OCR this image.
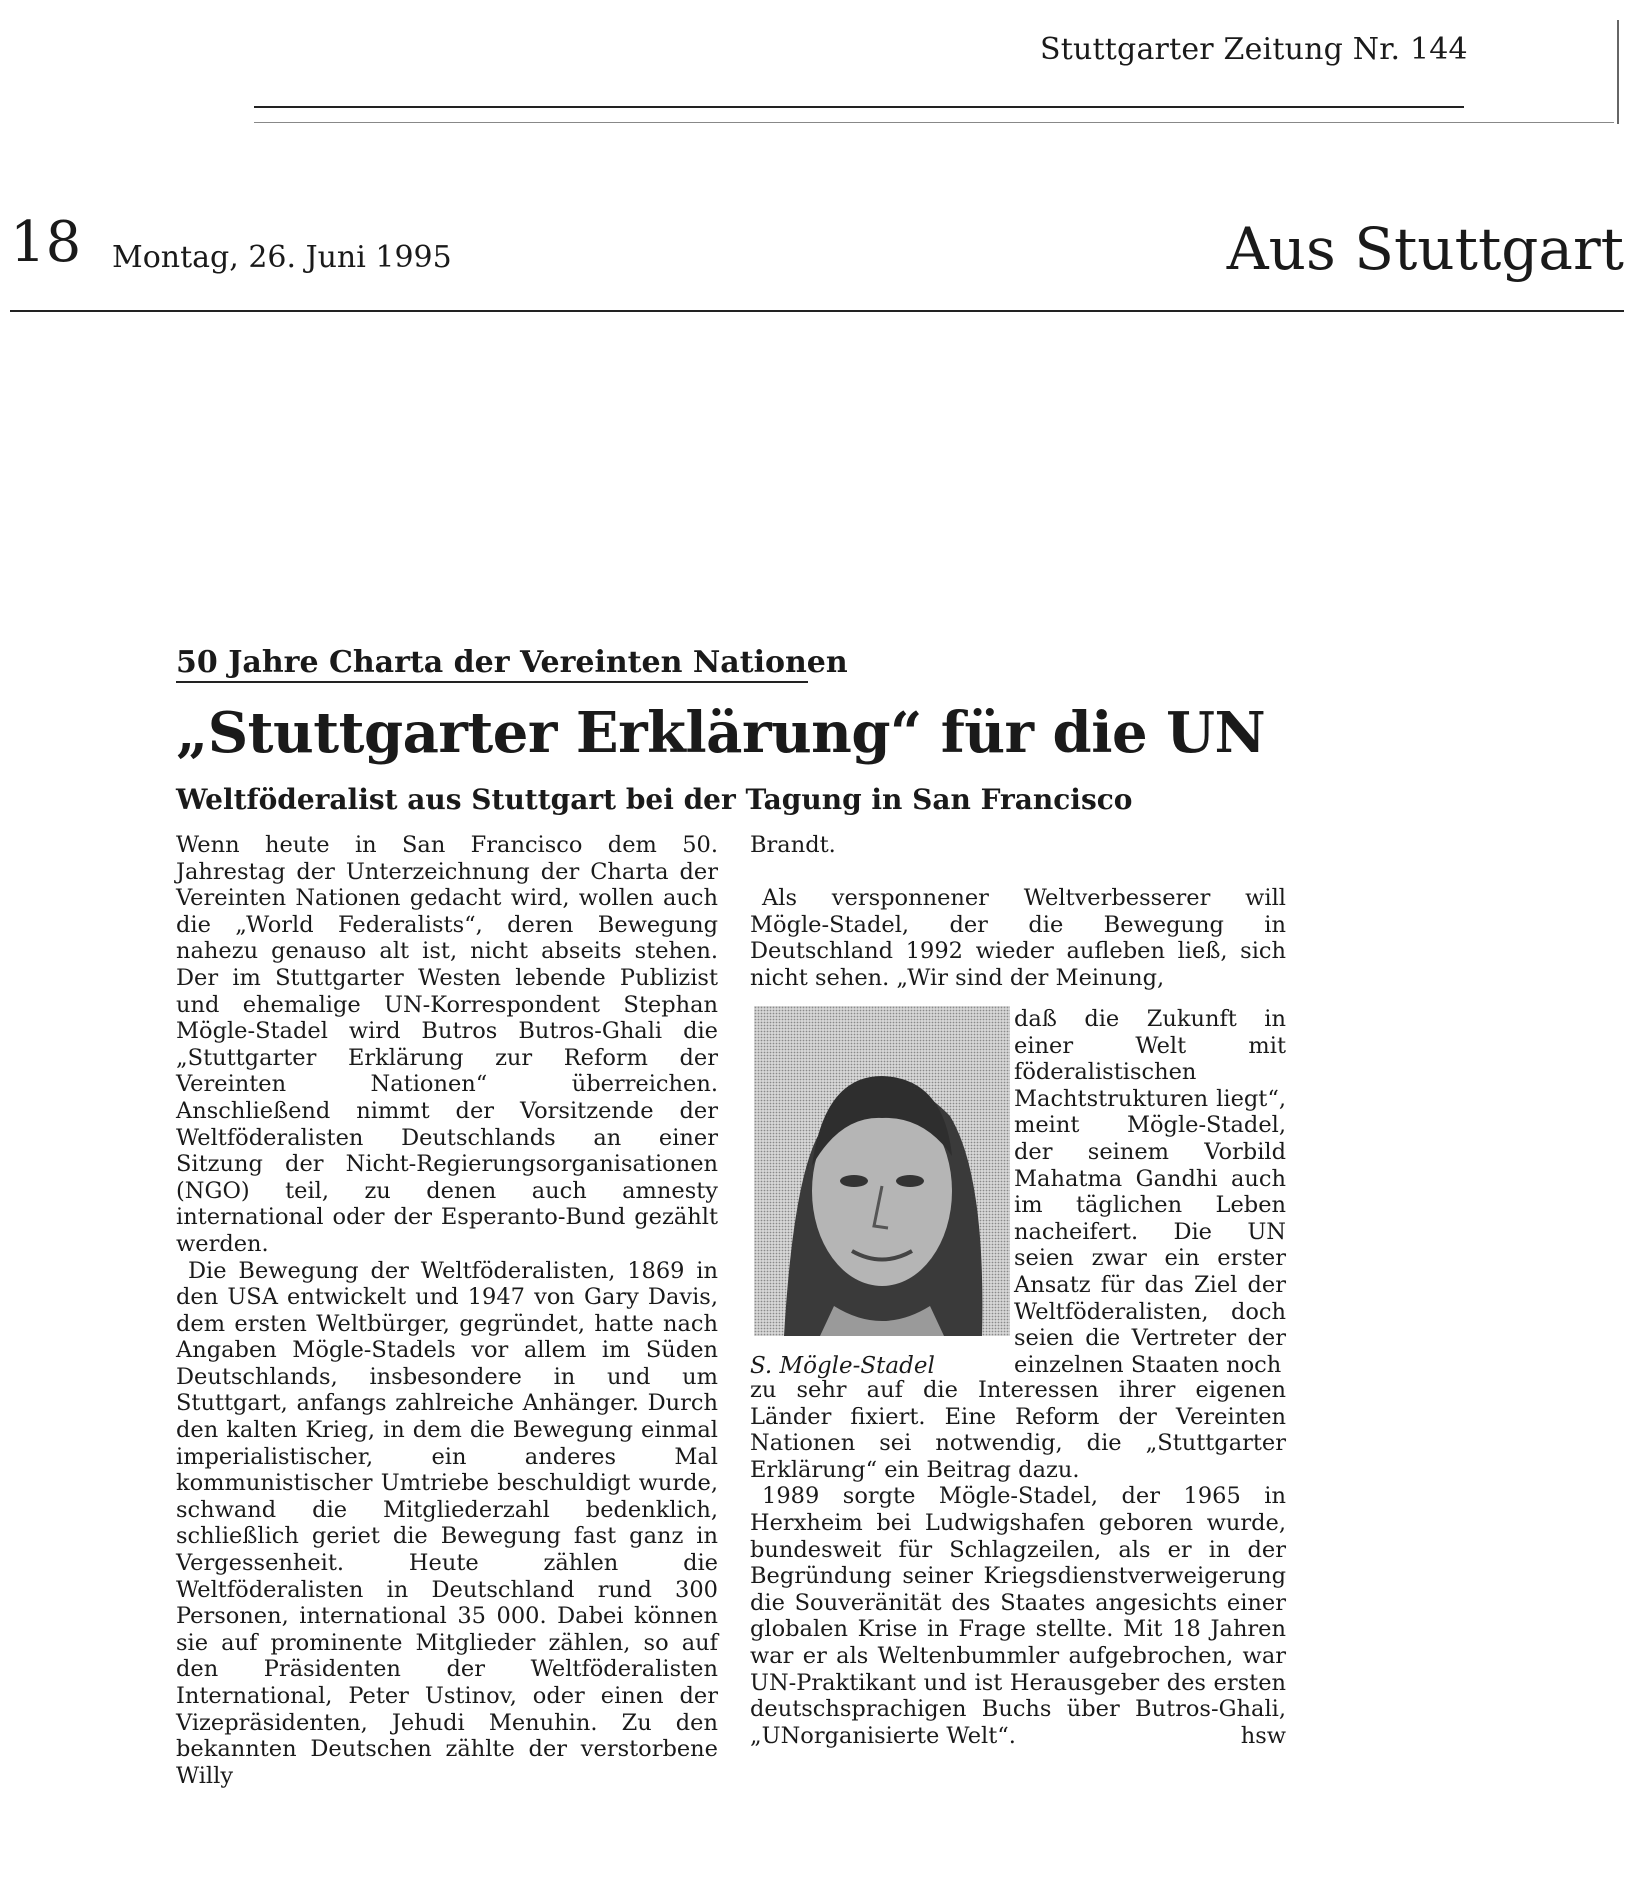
Stuttgarter Zeitung Nr. 144
18 Montag, 26. Juni 1995	Aus Stuttgart
50 Jahre Charta der Vereinten Nationen
„Stuttgarter Erklärung“ für die UN
Weltföderalist aus Stuttgart bei der Tagung in San Francisco

Wenn heute in San Francisco dem 50. Jahrestag der Unterzeichnung der Charta der Vereinten Nationen gedacht wird, wollen auch die „World Federalists“, deren Bewegung nahezu genauso alt ist, nicht abseits stehen. Der im Stuttgarter Westen lebende Publizist und ehemalige UN-Korrespondent Stephan Mögle-Stadel wird Butros Butros-Ghali die „Stuttgarter Erklärung zur Reform der Vereinten Nationen“ überreichen. Anschließend nimmt der Vorsitzende der Weltföderalisten Deutschlands an einer Sitzung der Nicht-Regierungsorganisationen (NGO) teil, zu denen auch amnesty international oder der Esperanto-Bund gezählt werden.

Die Bewegung der Weltföderalisten, 1869 in den USA entwickelt und 1947 von Gary Davis, dem ersten Weltbürger, gegründet, hatte nach Angaben Mögle-Stadels vor allem im Süden Deutschlands, insbesondere in und um Stuttgart, anfangs zahlreiche Anhänger. Durch den kalten Krieg, in dem die Bewegung einmal imperialistischer, ein anderes Mal kommunistischer Umtriebe beschuldigt wurde, schwand die Mitgliederzahl bedenklich, schließlich geriet die Bewegung fast ganz in Vergessenheit. Heute zählen die Weltföderalisten in Deutschland rund 300 Personen, international 35 000. Dabei können sie auf prominente Mitglieder zählen, so auf den Präsidenten der Weltföderalisten International, Peter Ustinov, oder einen der Vizepräsidenten, Jehudi Menuhin. Zu den bekannten Deutschen zählte der verstorbene Willy

Brandt.

Als versponnener Weltverbesserer will Mögle-Stadel, der die Bewegung in Deutschland 1992 wieder aufleben ließ, sich nicht sehen. „Wir sind der Meinung,

daß die Zukunft in einer Welt mit föderalistischen Machtstrukturen liegt“, meint Mögle-Stadel, der seinem Vorbild Mahatma Gandhi auch im täglichen Leben nacheifert. Die UN seien zwar ein erster Ansatz für das Ziel der Weltföderalisten, doch seien die Vertreter der einzelnen Staaten noch
S. Mögle-Stadel

zu sehr auf die Interessen ihrer eigenen Länder fixiert. Eine Reform der Vereinten Nationen sei notwendig, die „Stuttgarter Erklärung“ ein Beitrag dazu.

1989 sorgte Mögle-Stadel, der 1965 in Herxheim bei Ludwigshafen geboren wurde, bundesweit für Schlagzeilen, als er in der Begründung seiner Kriegsdienstverweigerung die Souveränität des Staates angesichts einer globalen Krise in Frage stellte. Mit 18 Jahren war er als Weltenbummler aufgebrochen, war UN-Praktikant und ist Herausgeber des ersten deutschsprachigen Buchs über Butros-Ghali, „UNorganisierte Welt“.	hsw
